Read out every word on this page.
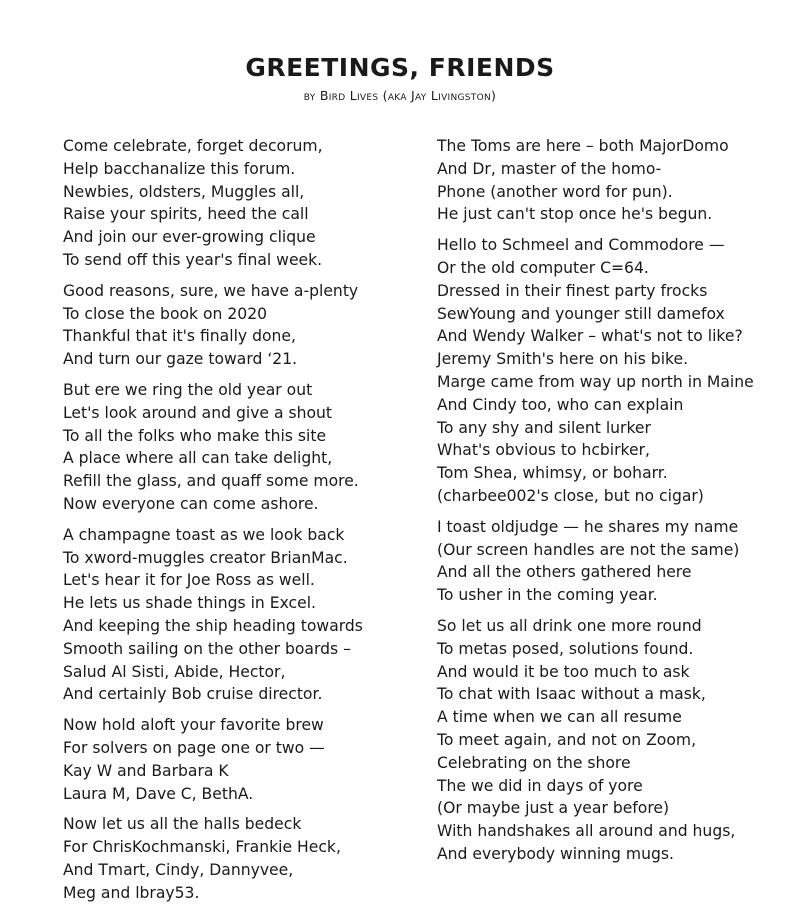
GREETINGS, FRIENDS
by Bird Lives (aka Jay Livingston)
Come celebrate, forget decorum,
Help bacchanalize this forum.
Newbies, oldsters, Muggles all,
Raise your spirits, heed the call
And join our ever-growing clique
To send off this year's final week.
Good reasons, sure, we have a-plenty
To close the book on 2020
Thankful that it's finally done,
And turn our gaze toward ‘21.
But ere we ring the old year out
Let's look around and give a shout
To all the folks who make this site
A place where all can take delight,
Refill the glass, and quaff some more.
Now everyone can come ashore.
A champagne toast as we look back
To xword-muggles creator BrianMac.
Let's hear it for Joe Ross as well.
He lets us shade things in Excel.
And keeping the ship heading towards
Smooth sailing on the other boards –
Salud Al Sisti, Abide, Hector,
And certainly Bob cruise director.
Now hold aloft your favorite brew
For solvers on page one or two —
Kay W and Barbara K
Laura M, Dave C, BethA.
Now let us all the halls bedeck
For ChrisKochmanski, Frankie Heck,
And Tmart, Cindy, Dannyvee,
Meg and lbray53.
The Toms are here – both MajorDomo
And Dr, master of the homo-
Phone (another word for pun).
He just can't stop once he's begun.
Hello to Schmeel and Commodore —
Or the old computer C=64.
Dressed in their finest party frocks
SewYoung and younger still damefox
And Wendy Walker – what's not to like?
Jeremy Smith's here on his bike.
Marge came from way up north in Maine
And Cindy too, who can explain
To any shy and silent lurker
What's obvious to hcbirker,
Tom Shea, whimsy, or boharr.
(charbee002's close, but no cigar)
I toast oldjudge — he shares my name
(Our screen handles are not the same)
And all the others gathered here
To usher in the coming year.
So let us all drink one more round
To metas posed, solutions found.
And would it be too much to ask
To chat with Isaac without a mask,
A time when we can all resume
To meet again, and not on Zoom,
Celebrating on the shore
The we did in days of yore
(Or maybe just a year before)
With handshakes all around and hugs,
And everybody winning mugs.
